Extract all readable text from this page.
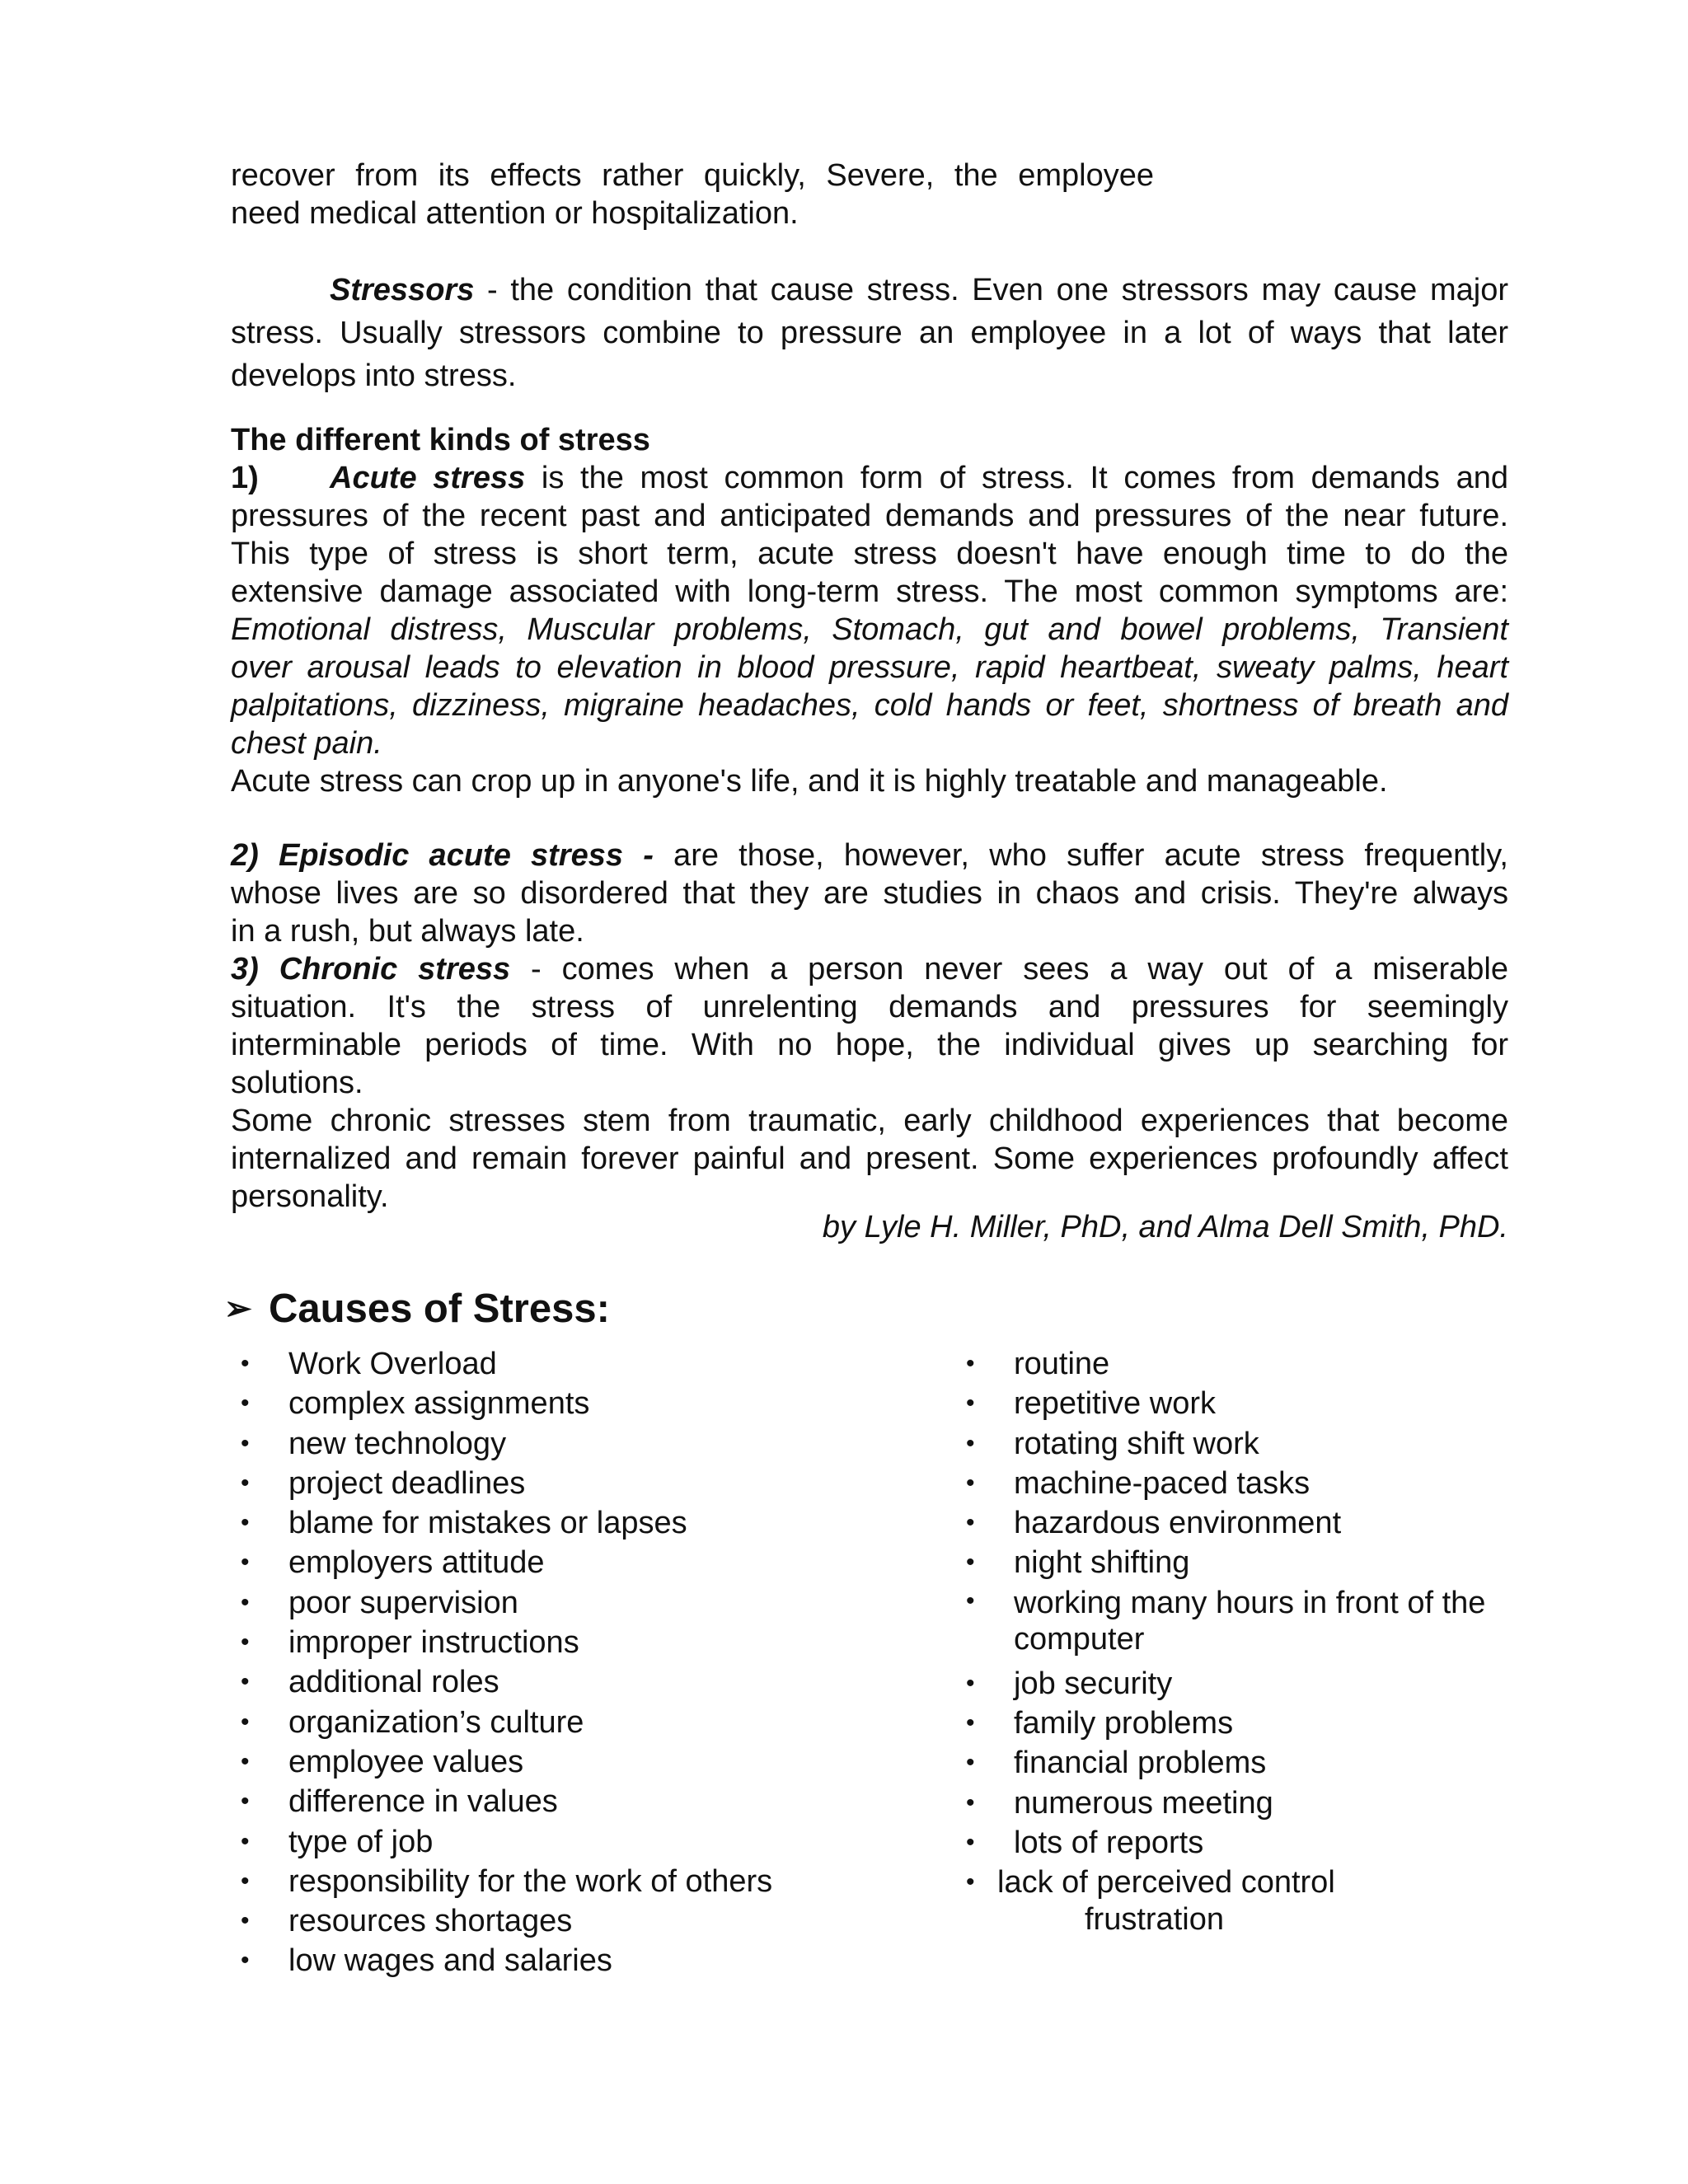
recover from its effects rather quickly, Severe, the employee
need medical attention or hospitalization.
Stressors - the condition that cause stress. Even one stressors may cause major
stress. Usually stressors combine to pressure an employee in a lot of ways that later
develops into stress.
The different kinds of stress
1) Acute stress is the most common form of stress. It comes from demands and
pressures of the recent past and anticipated demands and pressures of the near future.
This type of stress is short term, acute stress doesn't have enough time to do the
extensive damage associated with long-term stress. The most common symptoms are:
Emotional distress, Muscular problems, Stomach, gut and bowel problems, Transient
over arousal leads to elevation in blood pressure, rapid heartbeat, sweaty palms, heart
palpitations, dizziness, migraine headaches, cold hands or feet, shortness of breath and
chest pain.
Acute stress can crop up in anyone's life, and it is highly treatable and manageable.
2) Episodic acute stress - are those, however, who suffer acute stress frequently,
whose lives are so disordered that they are studies in chaos and crisis. They're always
in a rush, but always late.
3) Chronic stress - comes when a person never sees a way out of a miserable
situation. It's the stress of unrelenting demands and pressures for seemingly
interminable periods of time. With no hope, the individual gives up searching for
solutions.
Some chronic stresses stem from traumatic, early childhood experiences that become
internalized and remain forever painful and present. Some experiences profoundly affect
personality.
by Lyle H. Miller, PhD, and Alma Dell Smith, PhD.
➢ Causes of Stress:
• Work Overload
• complex assignments
• new technology
• project deadlines
• blame for mistakes or lapses
• employers attitude
• poor supervision
• improper instructions
• additional roles
• organization’s culture
• employee values
• difference in values
• type of job
• responsibility for the work of others
• resources shortages
• low wages and salaries
• routine
• repetitive work
• rotating shift work
• machine-paced tasks
• hazardous environment
• night shifting
• working many hours in front of the
computer
• job security
• family problems
• financial problems
• numerous meeting
• lots of reports
• lack of perceived control
frustration
